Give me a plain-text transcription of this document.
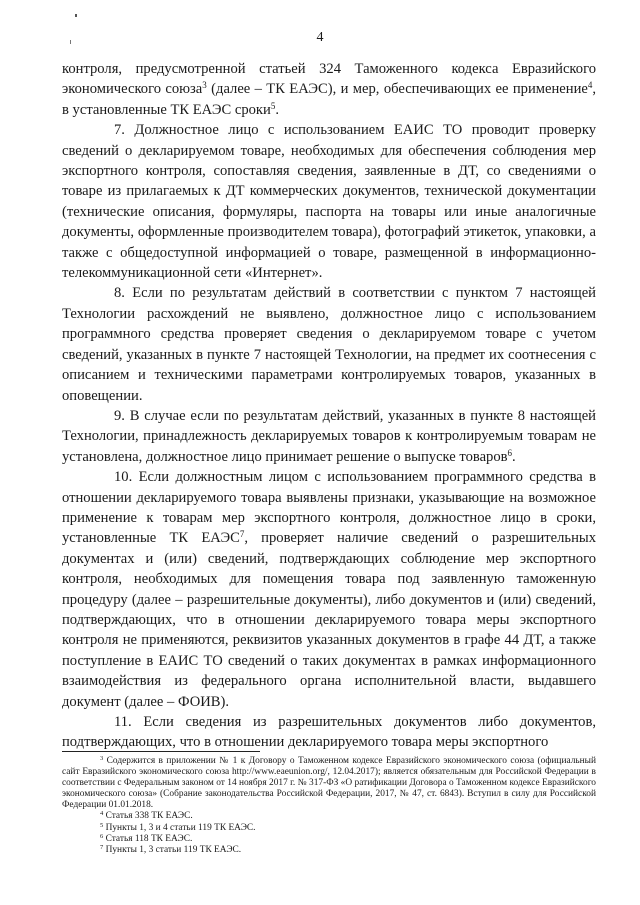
4

контроля, предусмотренной статьей 324 Таможенного кодекса Евразийского экономического союза$^3$ (далее – ТК ЕАЭС), и мер, обеспечивающих ее применение$^4$, в установленные ТК ЕАЭС сроки$^5$.

7. Должностное лицо с использованием ЕАИС ТО проводит проверку сведений о декларируемом товаре, необходимых для обеспечения соблюдения мер экспортного контроля, сопоставляя сведения, заявленные в ДТ, со сведениями о товаре из прилагаемых к ДТ коммерческих документов, технической документации (технические описания, формуляры, паспорта на товары или иные аналогичные документы, оформленные производителем товара), фотографий этикеток, упаковки, а также с общедоступной информацией о товаре, размещенной в информационно-телекоммуникационной сети «Интернет».

8. Если по результатам действий в соответствии с пунктом 7 настоящей Технологии расхождений не выявлено, должностное лицо с использованием программного средства проверяет сведения о декларируемом товаре с учетом сведений, указанных в пункте 7 настоящей Технологии, на предмет их соотнесения с описанием и техническими параметрами контролируемых товаров, указанных в оповещении.

9. В случае если по результатам действий, указанных в пункте 8 настоящей Технологии, принадлежность декларируемых товаров к контролируемым товарам не установлена, должностное лицо принимает решение о выпуске товаров$^6$.

10. Если должностным лицом с использованием программного средства в отношении декларируемого товара выявлены признаки, указывающие на возможное применение к товарам мер экспортного контроля, должностное лицо в сроки, установленные ТК ЕАЭС$^7$, проверяет наличие сведений о разрешительных документах и (или) сведений, подтверждающих соблюдение мер экспортного контроля, необходимых для помещения товара под заявленную таможенную процедуру (далее – разрешительные документы), либо документов и (или) сведений, подтверждающих, что в отношении декларируемого товара меры экспортного контроля не применяются, реквизитов указанных документов в графе 44 ДТ, а также поступление в ЕАИС ТО сведений о таких документах в рамках информационного взаимодействия из федерального органа исполнительной власти, выдавшего документ (далее – ФОИВ).

11. Если сведения из разрешительных документов либо документов, подтверждающих, что в отношении декларируемого товара меры экспортного

$^3$ Содержится в приложении № 1 к Договору о Таможенном кодексе Евразийского экономического союза (официальный сайт Евразийского экономического союза http://www.eaeunion.org/, 12.04.2017); является обязательным для Российской Федерации в соответствии с Федеральным законом от 14 ноября 2017 г. № 317-ФЗ «О ратификации Договора о Таможенном кодексе Евразийского экономического союза» (Собрание законодательства Российской Федерации, 2017, № 47, ст. 6843). Вступил в силу для Российской Федерации 01.01.2018.

$^4$ Статья 338 ТК ЕАЭС.

$^5$ Пункты 1, 3 и 4 статьи 119 ТК ЕАЭС.

$^6$ Статья 118 ТК ЕАЭС.

$^7$ Пункты 1, 3 статьи 119 ТК ЕАЭС.
